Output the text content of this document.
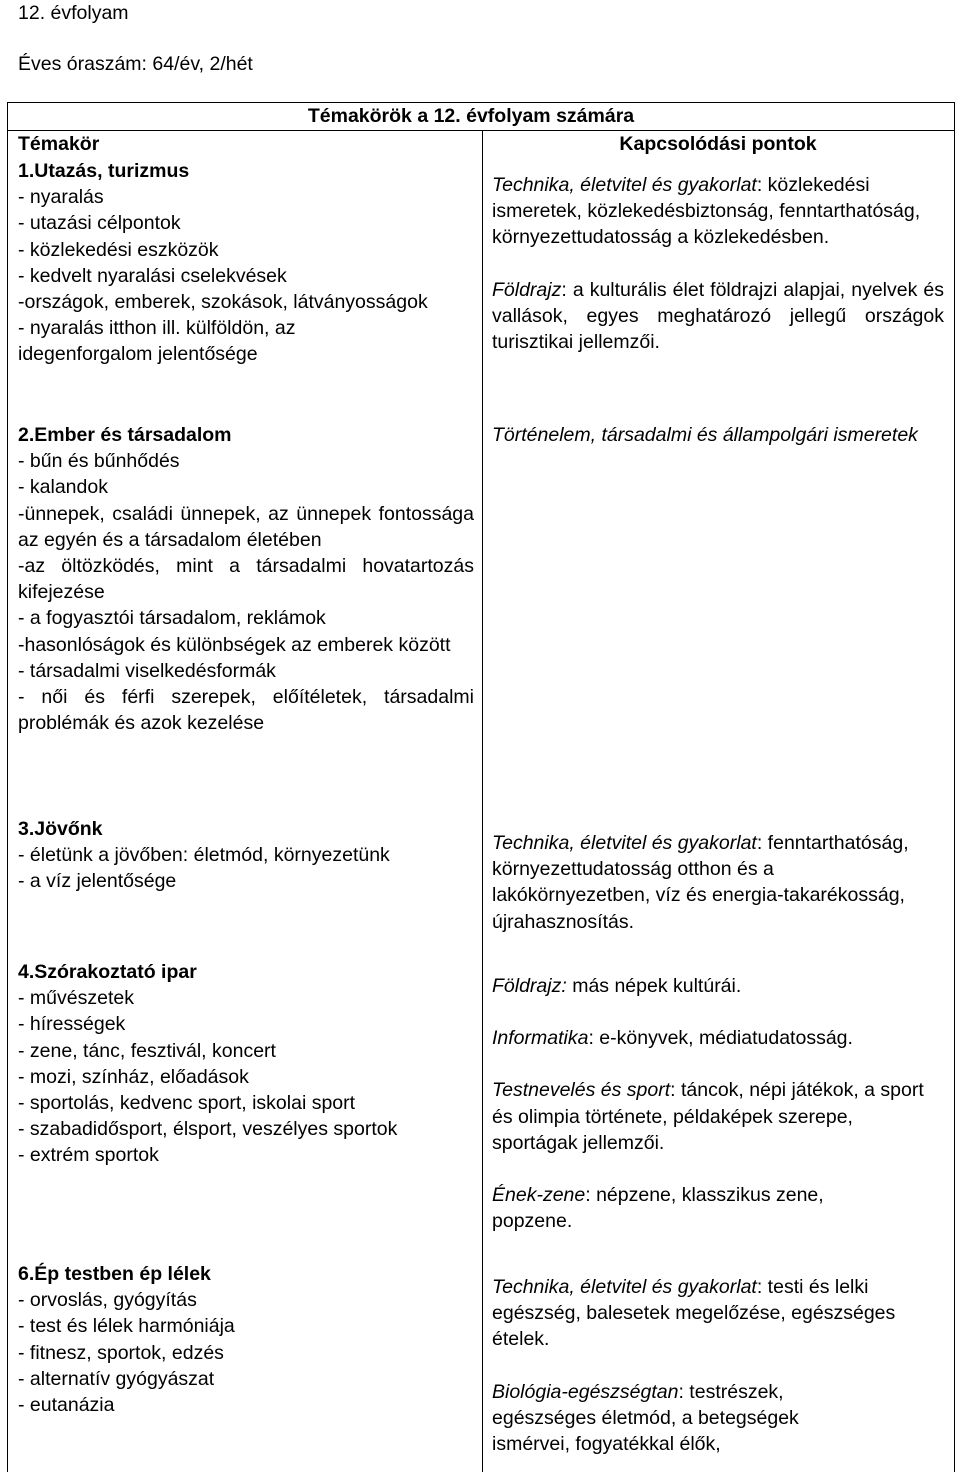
12. évfolyam
Éves óraszám: 64/év, 2/hét
Témakörök a 12. évfolyam számára
Témakör	Kapcsolódási pontok
1.Utazás, turizmus
- nyaralás
- utazási célpontok
- közlekedési eszközök
- kedvelt nyaralási cselekvések
-országok, emberek, szokások, látványosságok
- nyaralás itthon ill. külföldön, az idegenforgalom jelentősége
Technika, életvitel és gyakorlat: közlekedési ismeretek, közlekedésbiztonság, fenntarthatóság, környezettudatosság a közlekedésben.
Földrajz: a kulturális élet földrajzi alapjai, nyelvek és vallások, egyes meghatározó jellegű országok turisztikai jellemzői.
2.Ember és társadalom
- bűn és bűnhődés
- kalandok
-ünnepek, családi ünnepek, az ünnepek fontossága az egyén és a társadalom életében
-az öltözködés, mint a társadalmi hovatartozás kifejezése
- a fogyasztói társadalom, reklámok
-hasonlóságok és különbségek az emberek között
- társadalmi viselkedésformák
- női és férfi szerepek, előítéletek, társadalmi problémák és azok kezelése
Történelem, társadalmi és állampolgári ismeretek
3.Jövőnk
- életünk a jövőben: életmód, környezetünk
- a víz jelentősége
Technika, életvitel és gyakorlat: fenntarthatóság, környezettudatosság otthon és a lakókörnyezetben, víz és energia-takarékosság, újrahasznosítás.
4.Szórakoztató ipar
- művészetek
- hírességek
- zene, tánc, fesztivál, koncert
- mozi, színház, előadások
- sportolás, kedvenc sport, iskolai sport
- szabadidősport, élsport, veszélyes sportok
- extrém sportok
Földrajz: más népek kultúrái.
Informatika: e-könyvek, médiatudatosság.
Testnevelés és sport: táncok, népi játékok, a sport és olimpia története, példaképek szerepe, sportágak jellemzői.
Ének-zene: népzene, klasszikus zene, popzene.
6.Ép testben ép lélek
- orvoslás, gyógyítás
- test és lélek harmóniája
- fitnesz, sportok, edzés
- alternatív gyógyászat
- eutanázia
Technika, életvitel és gyakorlat: testi és lelki egészség, balesetek megelőzése, egészséges ételek.
Biológia-egészségtan: testrészek, egészséges életmód, a betegségek ismérvei, fogyatékkal élők,
